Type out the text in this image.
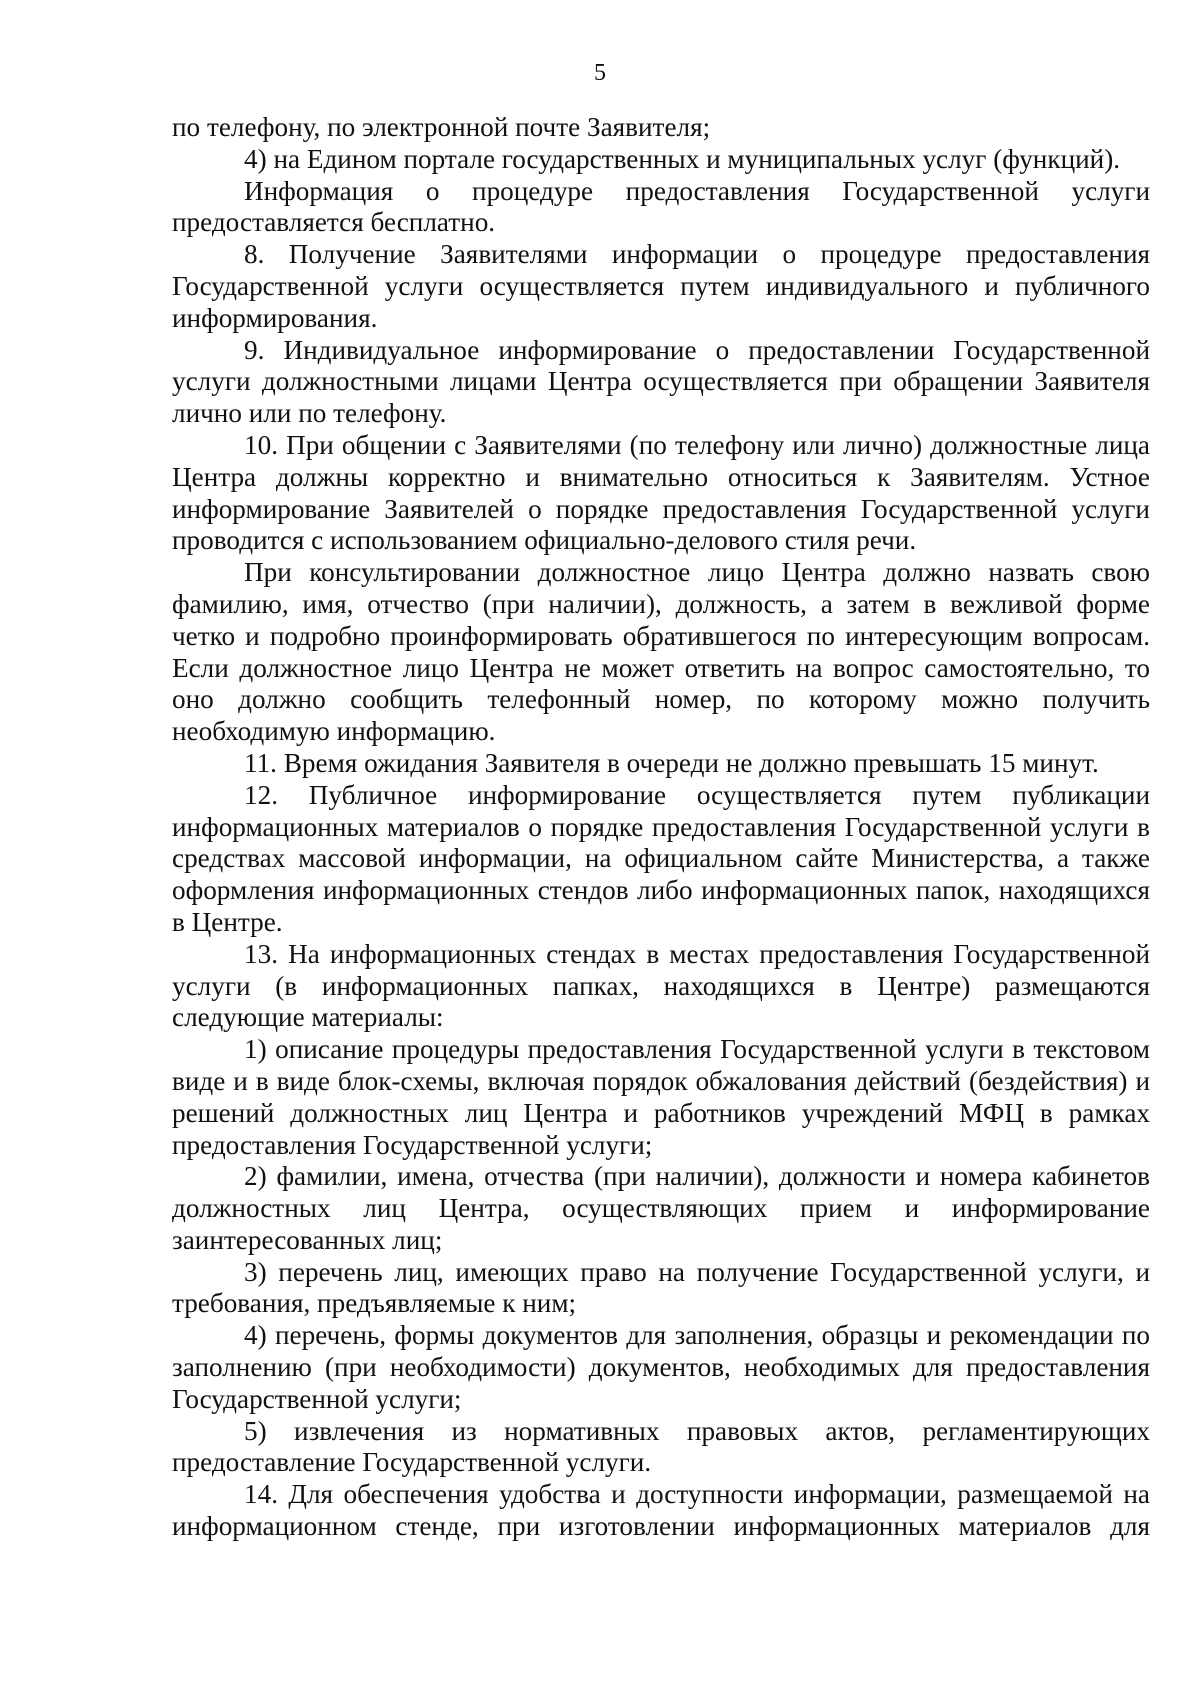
5

по телефону, по электронной почте Заявителя;

4) на Едином портале государственных и муниципальных услуг (функций).

Информация о процедуре предоставления Государственной услуги предоставляется бесплатно.

8. Получение Заявителями информации о процедуре предоставления Государственной услуги осуществляется путем индивидуального и публичного информирования.

9. Индивидуальное информирование о предоставлении Государственной услуги должностными лицами Центра осуществляется при обращении Заявителя лично или по телефону.

10. При общении с Заявителями (по телефону или лично) должностные лица Центра должны корректно и внимательно относиться к Заявителям. Устное информирование Заявителей о порядке предоставления Государственной услуги проводится с использованием официально-делового стиля речи.

При консультировании должностное лицо Центра должно назвать свою фамилию, имя, отчество (при наличии), должность, а затем в вежливой форме четко и подробно проинформировать обратившегося по интересующим вопросам. Если должностное лицо Центра не может ответить на вопрос самостоятельно, то оно должно сообщить телефонный номер, по которому можно получить необходимую информацию.

11. Время ожидания Заявителя в очереди не должно превышать 15 минут.

12. Публичное информирование осуществляется путем публикации информационных материалов о порядке предоставления Государственной услуги в средствах массовой информации, на официальном сайте Министерства, а также оформления информационных стендов либо информационных папок, находящихся в Центре.

13. На информационных стендах в местах предоставления Государственной услуги (в информационных папках, находящихся в Центре) размещаются следующие материалы:

1) описание процедуры предоставления Государственной услуги в текстовом виде и в виде блок-схемы, включая порядок обжалования действий (бездействия) и решений должностных лиц Центра и работников учреждений МФЦ в рамках предоставления Государственной услуги;

2) фамилии, имена, отчества (при наличии), должности и номера кабинетов должностных лиц Центра, осуществляющих прием и информирование заинтересованных лиц;

3) перечень лиц, имеющих право на получение Государственной услуги, и требования, предъявляемые к ним;

4) перечень, формы документов для заполнения, образцы и рекомендации по заполнению (при необходимости) документов, необходимых для предоставления Государственной услуги;

5) извлечения из нормативных правовых актов, регламентирующих предоставление Государственной услуги.

14. Для обеспечения удобства и доступности информации, размещаемой на информационном стенде, при изготовлении информационных материалов для
